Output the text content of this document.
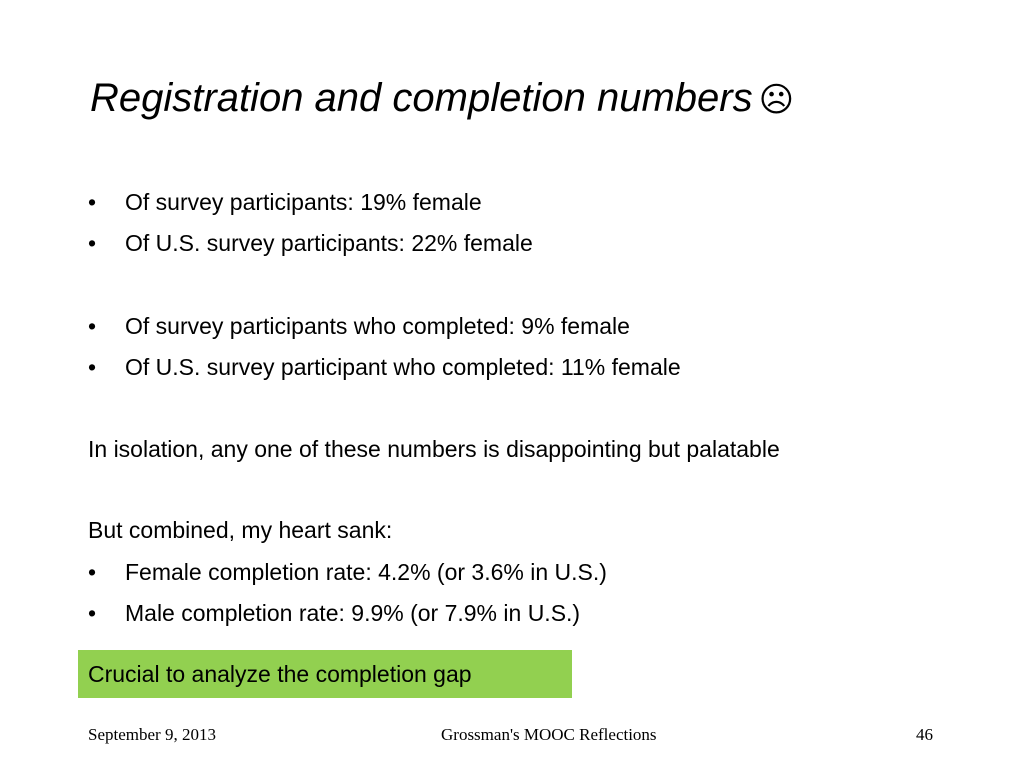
Registration and completion numbers ☹
•	Of survey participants: 19% female
•	Of U.S. survey participants: 22% female
•	Of survey participants who completed: 9% female
•	Of U.S. survey participant who completed: 11% female
In isolation, any one of these numbers is disappointing but palatable
But combined, my heart sank:
•	Female completion rate: 4.2% (or 3.6% in U.S.)
•	Male completion rate: 9.9% (or 7.9% in U.S.)
Crucial to analyze the completion gap
September 9, 2013	Grossman's MOOC Reflections	46
